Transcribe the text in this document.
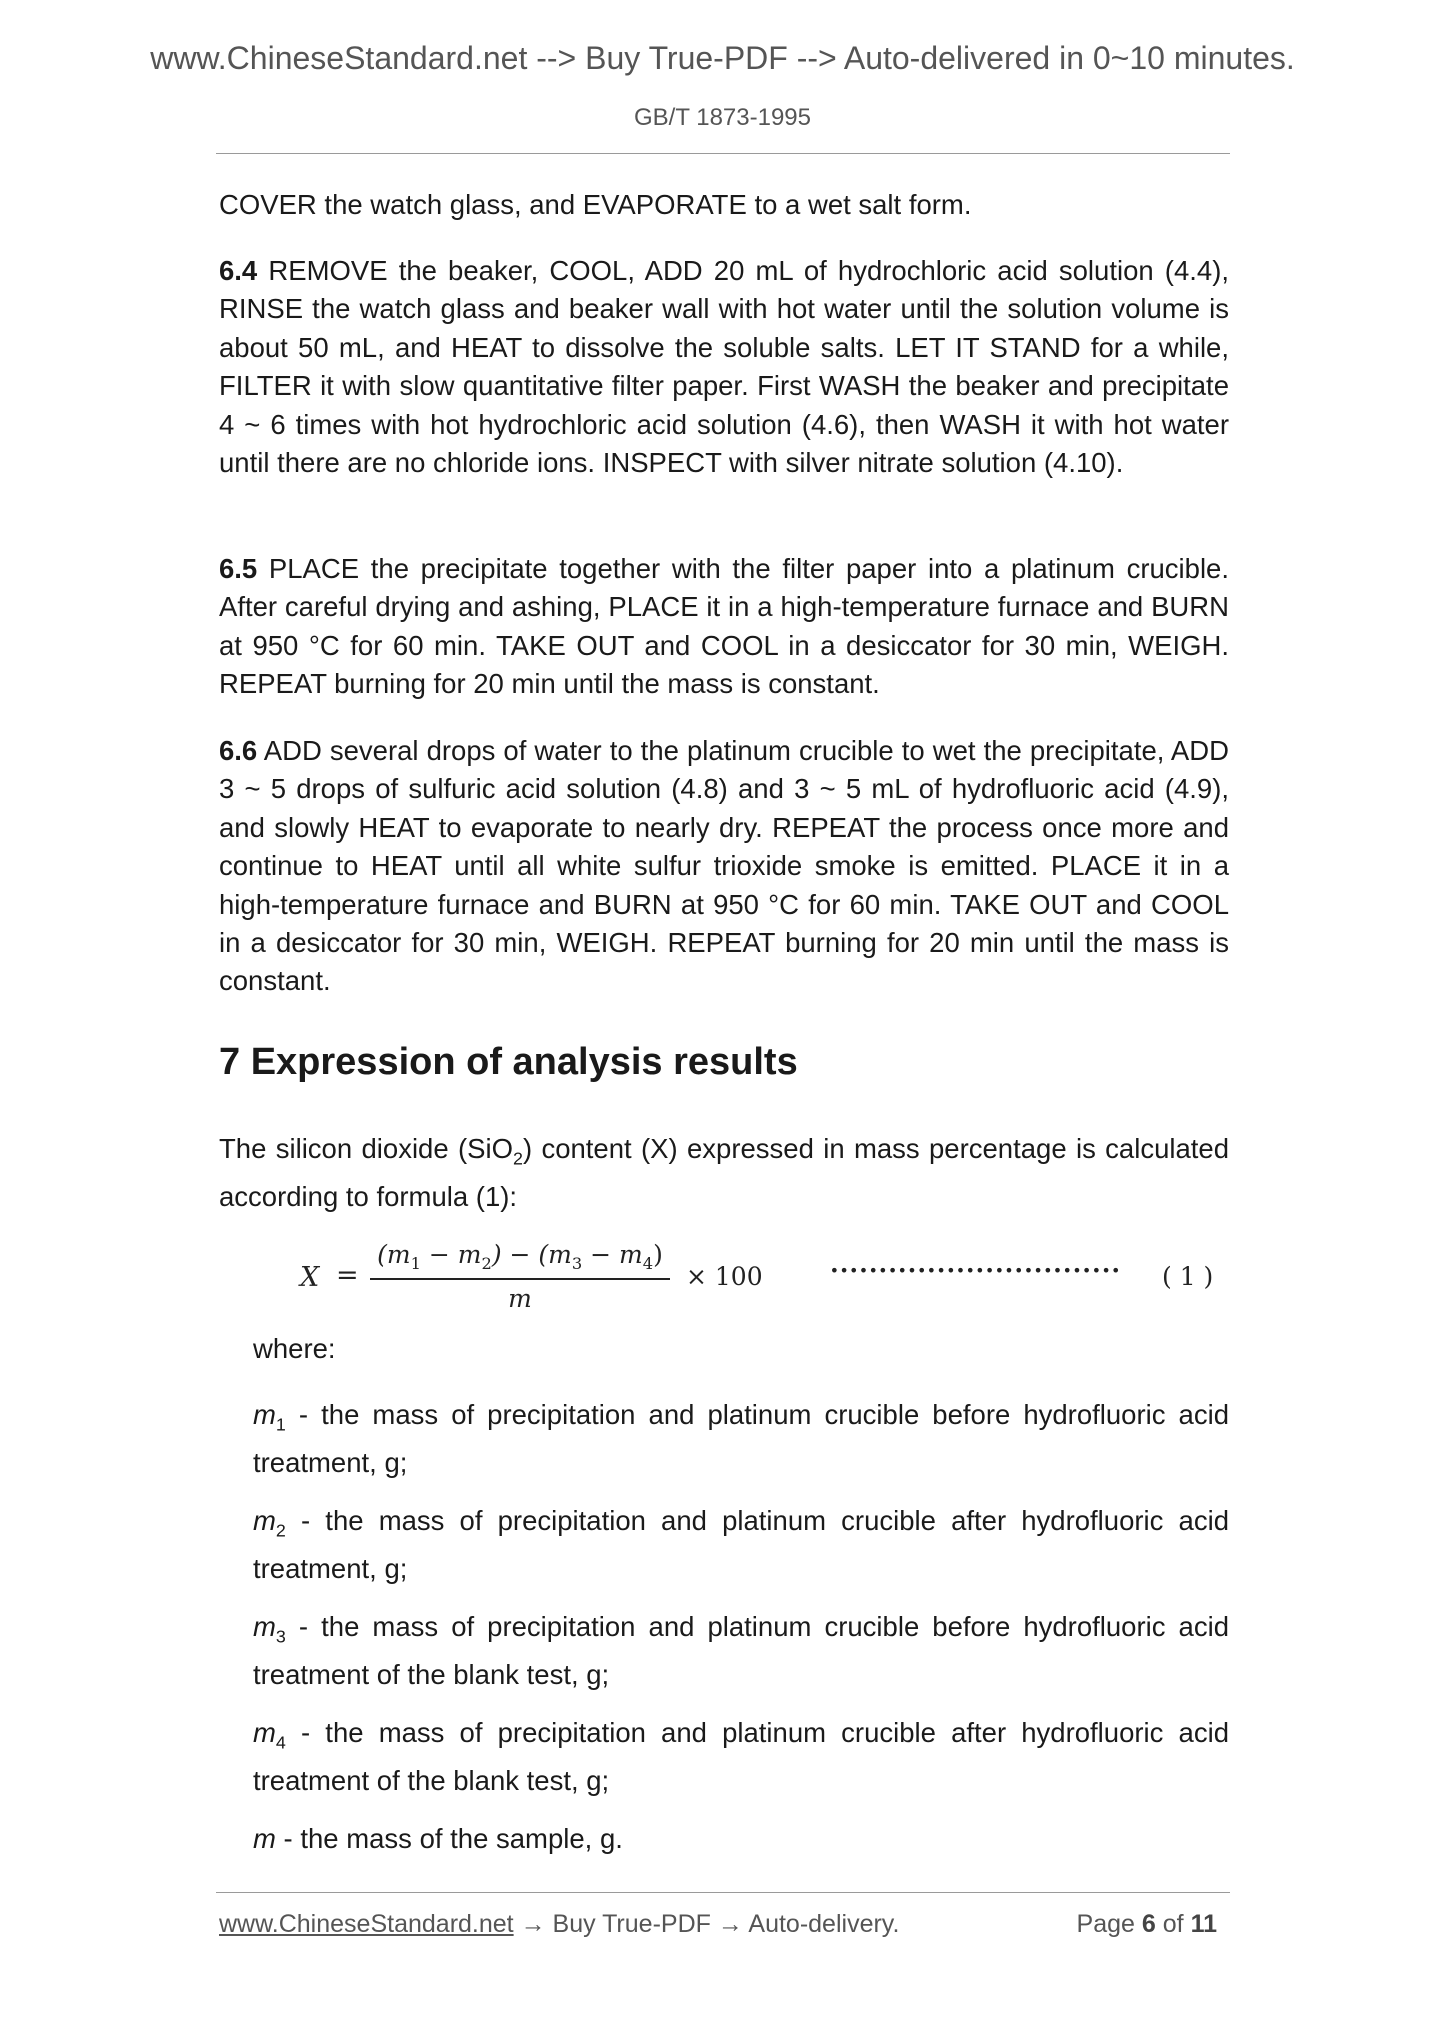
www.ChineseStandard.net --> Buy True-PDF --> Auto-delivered in 0~10 minutes.
GB/T 1873-1995
COVER the watch glass, and EVAPORATE to a wet salt form.
6.4 REMOVE the beaker, COOL, ADD 20 mL of hydrochloric acid solution (4.4), RINSE the watch glass and beaker wall with hot water until the solution volume is about 50 mL, and HEAT to dissolve the soluble salts. LET IT STAND for a while, FILTER it with slow quantitative filter paper. First WASH the beaker and precipitate 4 ~ 6 times with hot hydrochloric acid solution (4.6), then WASH it with hot water until there are no chloride ions. INSPECT with silver nitrate solution (4.10).
6.5 PLACE the precipitate together with the filter paper into a platinum crucible. After careful drying and ashing, PLACE it in a high-temperature furnace and BURN at 950 °C for 60 min. TAKE OUT and COOL in a desiccator for 30 min, WEIGH. REPEAT burning for 20 min until the mass is constant.
6.6 ADD several drops of water to the platinum crucible to wet the precipitate, ADD 3 ~ 5 drops of sulfuric acid solution (4.8) and 3 ~ 5 mL of hydrofluoric acid (4.9), and slowly HEAT to evaporate to nearly dry. REPEAT the process once more and continue to HEAT until all white sulfur trioxide smoke is emitted. PLACE it in a high-temperature furnace and BURN at 950 °C for 60 min. TAKE OUT and COOL in a desiccator for 30 min, WEIGH. REPEAT burning for 20 min until the mass is constant.
7 Expression of analysis results
The silicon dioxide (SiO$_2$) content (X) expressed in mass percentage is calculated according to formula (1):
X =
$(m_1 - m_2) - (m_3 - m_4)$
m
× 100	······························ ( 1 )
where:
$m_1$ - the mass of precipitation and platinum crucible before hydrofluoric acid treatment, g;
$m_2$ - the mass of precipitation and platinum crucible after hydrofluoric acid treatment, g;
$m_3$ - the mass of precipitation and platinum crucible before hydrofluoric acid treatment of the blank test, g;
$m_4$ - the mass of precipitation and platinum crucible after hydrofluoric acid treatment of the blank test, g;
m - the mass of the sample, g.
www.ChineseStandard.net → Buy True-PDF → Auto-delivery.	Page 6 of 11
